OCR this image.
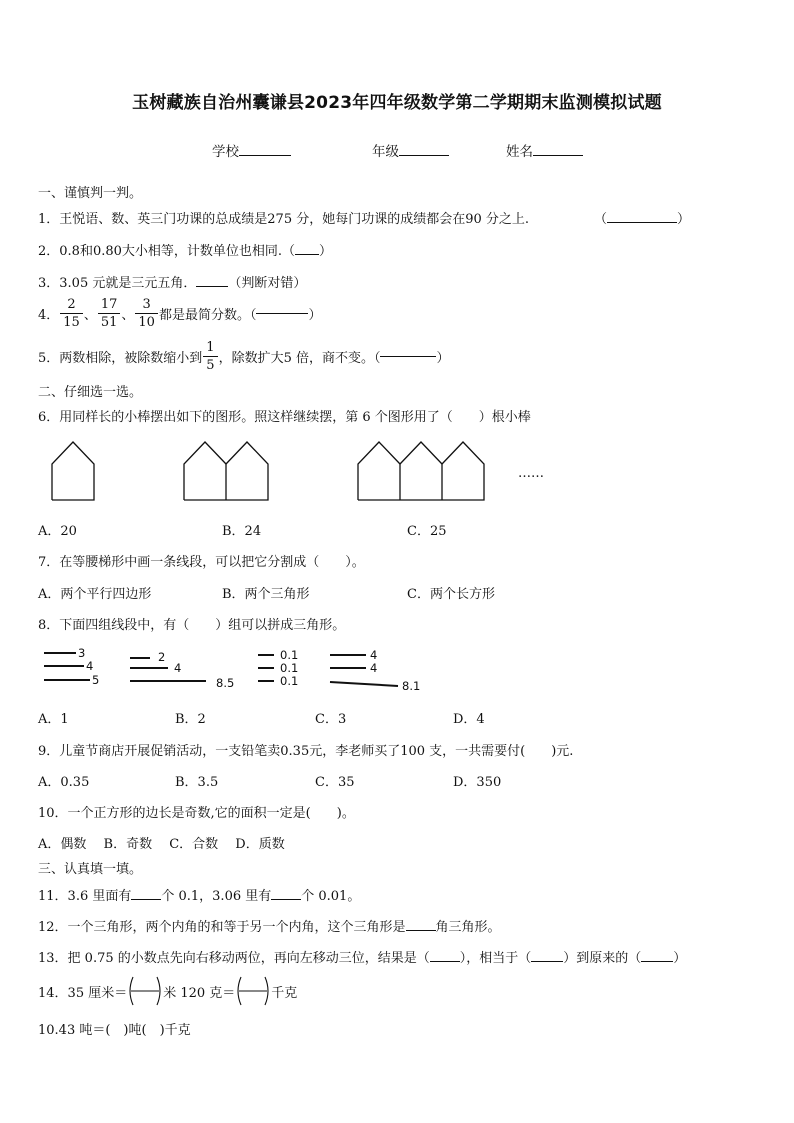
玉树藏族自治州囊谦县2023年四年级数学第二学期期末监测模拟试题
学校	年级	姓名
一、谨慎判一判。
1．王悦语、数、英三门功课的总成绩是275 分，她每门功课的成绩都会在90 分之上.	（	）
2．0.8和0.80大小相等，计数单位也相同.（ ）
3．3.05 元就是三元五角． （判断对错）
4． $\frac{2}{15}$ 、 $\frac{17}{51}$ 、 $\frac{3}{10}$ 都是最简分数。（	）
5．两数相除，被除数缩小到 $\frac{1}{5}$ ，除数扩大5 倍，商不变。（	）
二、仔细选一选。
6．用同样长的小棒摆出如下的图形。照这样继续摆，第 6 个图形用了（　　）根小棒
……
A．20	B．24	C．25
7．在等腰梯形中画一条线段，可以把它分割成（　　）。
A．两个平行四边形	B．两个三角形	C．两个长方形
8．下面四组线段中，有（　　）组可以拼成三角形。
3
4
5
2
4
8.5
0.1
0.1
0.1
4
4
8.1
A．1	B．2	C．3	D．4
9．儿童节商店开展促销活动，一支铅笔卖0.35元，李老师买了100 支，一共需要付(　　)元.
A．0.35	B．3.5	C．35	D．350
10．一个正方形的边长是奇数,它的面积一定是(　　)。
A．偶数　 B．奇数　 C．合数　 D．质数
三、认真填一填。
11．3.6 里面有 个 0.1，3.06 里有 个 0.01。
12．一个三角形，两个内角的和等于另一个内角，这个三角形是 角三角形。
13．把 0.75 的小数点先向右移动两位，再向左移动三位，结果是（ ），相当于（ ）到原来的（ ）
14．35 厘米＝	米 120 克＝	千克
10.43 吨＝(　)吨(　)千克
